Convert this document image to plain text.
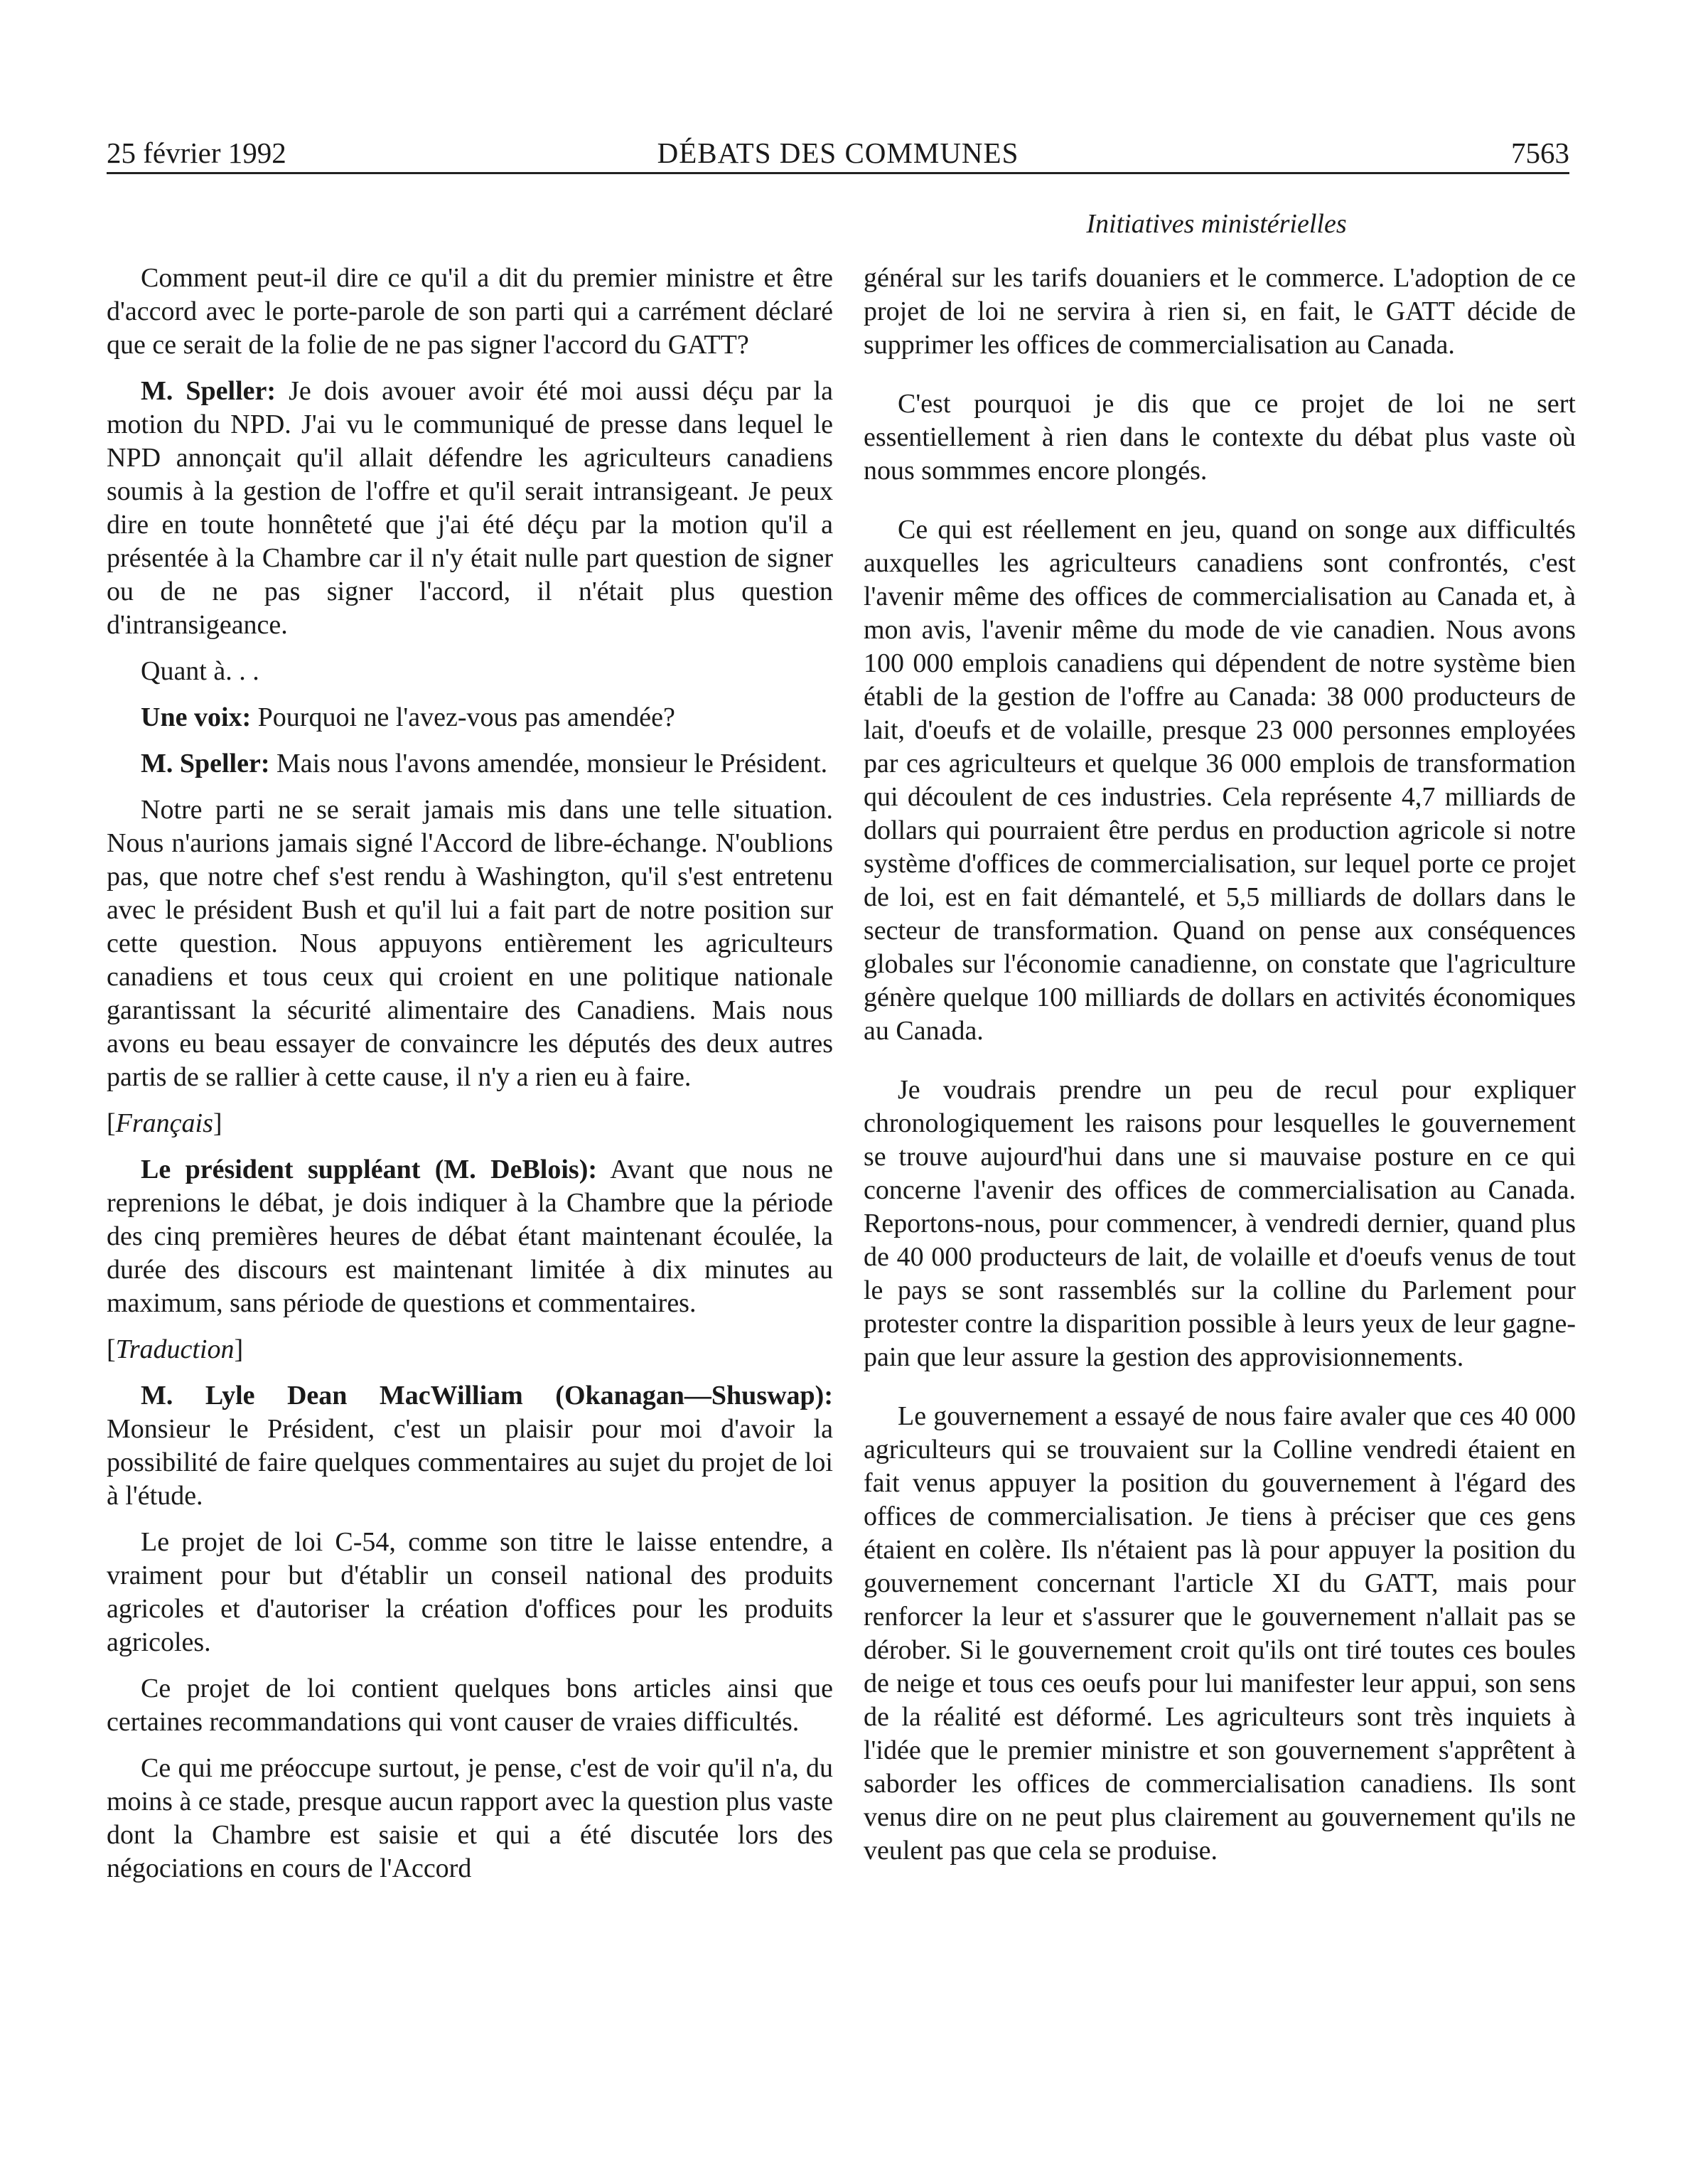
25 février 1992	DÉBATS DES COMMUNES	7563
Initiatives ministérielles

Comment peut-il dire ce qu'il a dit du premier ministre et être d'accord avec le porte-parole de son parti qui a carrément déclaré que ce serait de la folie de ne pas signer l'accord du GATT?

M. Speller: Je dois avouer avoir été moi aussi déçu par la motion du NPD. J'ai vu le communiqué de presse dans lequel le NPD annonçait qu'il allait défendre les agriculteurs canadiens soumis à la gestion de l'offre et qu'il serait intransigeant. Je peux dire en toute honnêteté que j'ai été déçu par la motion qu'il a présentée à la Chambre car il n'y était nulle part question de signer ou de ne pas signer l'accord, il n'était plus question d'intransigeance.

Quant à. . .

Une voix: Pourquoi ne l'avez-vous pas amendée?

M. Speller: Mais nous l'avons amendée, monsieur le Président.

Notre parti ne se serait jamais mis dans une telle situation. Nous n'aurions jamais signé l'Accord de libre-échange. N'oublions pas, que notre chef s'est rendu à Washington, qu'il s'est entretenu avec le président Bush et qu'il lui a fait part de notre position sur cette question. Nous appuyons entièrement les agriculteurs canadiens et tous ceux qui croient en une politique nationale garantissant la sécurité alimentaire des Canadiens. Mais nous avons eu beau essayer de convaincre les députés des deux autres partis de se rallier à cette cause, il n'y a rien eu à faire.

[Français]

Le président suppléant (M. DeBlois): Avant que nous ne reprenions le débat, je dois indiquer à la Chambre que la période des cinq premières heures de débat étant maintenant écoulée, la durée des discours est maintenant limitée à dix minutes au maximum, sans période de questions et commentaires.

[Traduction]

M. Lyle Dean MacWilliam (Okanagan—Shuswap): Monsieur le Président, c'est un plaisir pour moi d'avoir la possibilité de faire quelques commentaires au sujet du projet de loi à l'étude.

Le projet de loi C-54, comme son titre le laisse entendre, a vraiment pour but d'établir un conseil national des produits agricoles et d'autoriser la création d'offices pour les produits agricoles.

Ce projet de loi contient quelques bons articles ainsi que certaines recommandations qui vont causer de vraies difficultés.

Ce qui me préoccupe surtout, je pense, c'est de voir qu'il n'a, du moins à ce stade, presque aucun rapport avec la question plus vaste dont la Chambre est saisie et qui a été discutée lors des négociations en cours de l'Accord

général sur les tarifs douaniers et le commerce. L'adoption de ce projet de loi ne servira à rien si, en fait, le GATT décide de supprimer les offices de commercialisation au Canada.

C'est pourquoi je dis que ce projet de loi ne sert essentiellement à rien dans le contexte du débat plus vaste où nous sommmes encore plongés.

Ce qui est réellement en jeu, quand on songe aux difficultés auxquelles les agriculteurs canadiens sont confrontés, c'est l'avenir même des offices de commercialisation au Canada et, à mon avis, l'avenir même du mode de vie canadien. Nous avons 100 000 emplois canadiens qui dépendent de notre système bien établi de la gestion de l'offre au Canada: 38 000 producteurs de lait, d'oeufs et de volaille, presque 23 000 personnes employées par ces agriculteurs et quelque 36 000 emplois de transformation qui découlent de ces industries. Cela représente 4,7 milliards de dollars qui pourraient être perdus en production agricole si notre système d'offices de commercialisation, sur lequel porte ce projet de loi, est en fait démantelé, et 5,5 milliards de dollars dans le secteur de transformation. Quand on pense aux conséquences globales sur l'économie canadienne, on constate que l'agriculture génère quelque 100 milliards de dollars en activités économiques au Canada.

Je voudrais prendre un peu de recul pour expliquer chronologiquement les raisons pour lesquelles le gouvernement se trouve aujourd'hui dans une si mauvaise posture en ce qui concerne l'avenir des offices de commercialisation au Canada. Reportons-nous, pour commencer, à vendredi dernier, quand plus de 40 000 producteurs de lait, de volaille et d'oeufs venus de tout le pays se sont rassemblés sur la colline du Parlement pour protester contre la disparition possible à leurs yeux de leur gagne-pain que leur assure la gestion des approvisionnements.

Le gouvernement a essayé de nous faire avaler que ces 40 000 agriculteurs qui se trouvaient sur la Colline vendredi étaient en fait venus appuyer la position du gouvernement à l'égard des offices de commercialisation. Je tiens à préciser que ces gens étaient en colère. Ils n'étaient pas là pour appuyer la position du gouvernement concernant l'article XI du GATT, mais pour renforcer la leur et s'assurer que le gouvernement n'allait pas se dérober. Si le gouvernement croit qu'ils ont tiré toutes ces boules de neige et tous ces oeufs pour lui manifester leur appui, son sens de la réalité est déformé. Les agriculteurs sont très inquiets à l'idée que le premier ministre et son gouvernement s'apprêtent à saborder les offices de commercialisation canadiens. Ils sont venus dire on ne peut plus clairement au gouvernement qu'ils ne veulent pas que cela se produise.
